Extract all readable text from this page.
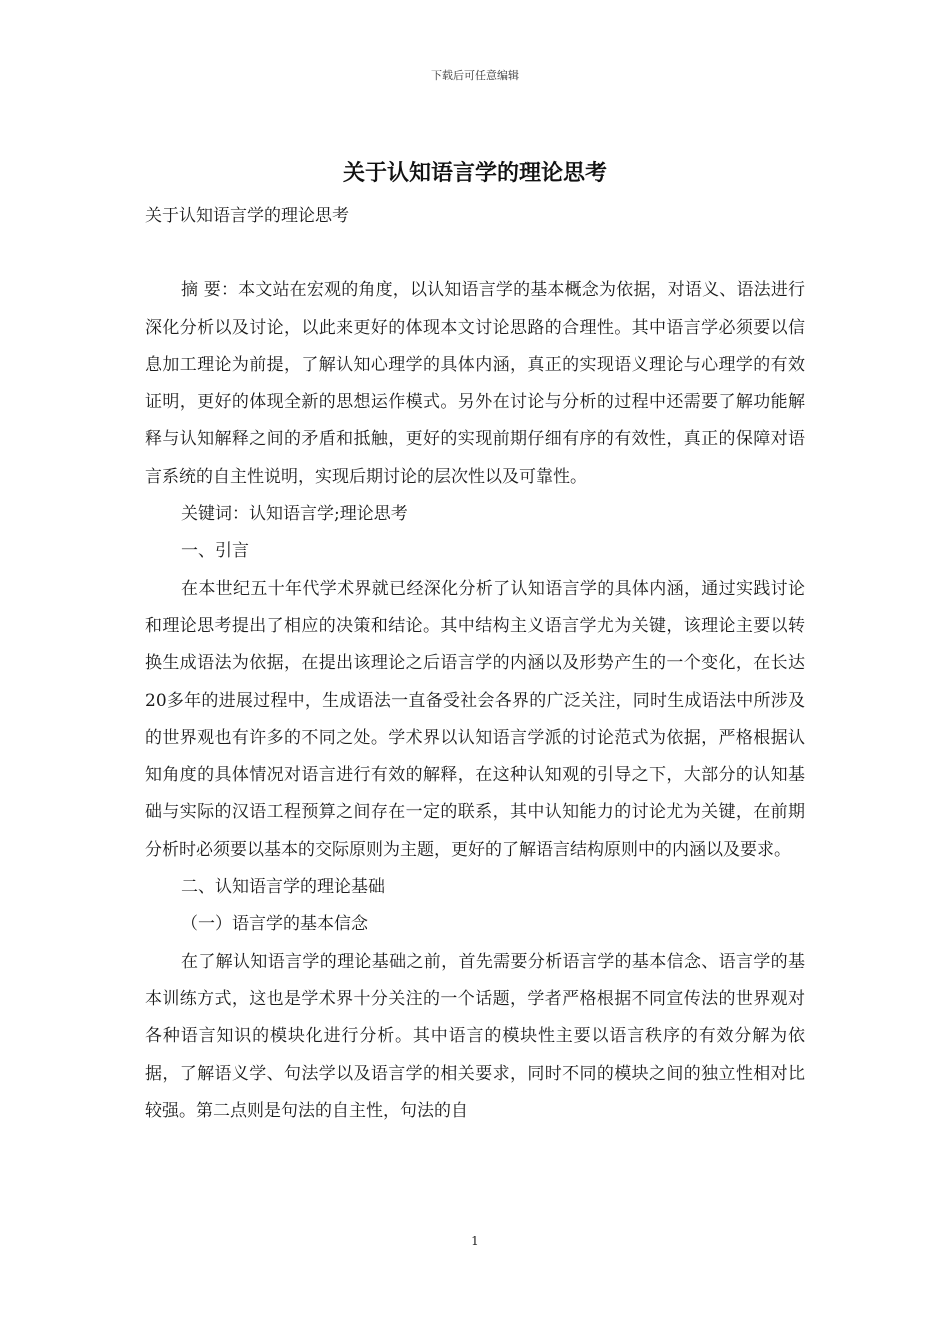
下载后可任意编辑
关于认知语言学的理论思考

关于认知语言学的理论思考

摘 要：本文站在宏观的角度，以认知语言学的基本概念为依据，对语义、语法进行深化分析以及讨论，以此来更好的体现本文讨论思路的合理性。其中语言学必须要以信息加工理论为前提，了解认知心理学的具体内涵，真正的实现语义理论与心理学的有效证明，更好的体现全新的思想运作模式。另外在讨论与分析的过程中还需要了解功能解释与认知解释之间的矛盾和抵触，更好的实现前期仔细有序的有效性，真正的保障对语言系统的自主性说明，实现后期讨论的层次性以及可靠性。

关键词：认知语言学;理论思考

一、引言

在本世纪五十年代学术界就已经深化分析了认知语言学的具体内涵，通过实践讨论和理论思考提出了相应的决策和结论。其中结构主义语言学尤为关键，该理论主要以转换生成语法为依据，在提出该理论之后语言学的内涵以及形势产生的一个变化，在长达20多年的进展过程中，生成语法一直备受社会各界的广泛关注，同时生成语法中所涉及的世界观也有许多的不同之处。学术界以认知语言学派的讨论范式为依据，严格根据认知角度的具体情况对语言进行有效的解释，在这种认知观的引导之下，大部分的认知基础与实际的汉语工程预算之间存在一定的联系，其中认知能力的讨论尤为关键，在前期分析时必须要以基本的交际原则为主题，更好的了解语言结构原则中的内涵以及要求。

二、认知语言学的理论基础

（一）语言学的基本信念

在了解认知语言学的理论基础之前，首先需要分析语言学的基本信念、语言学的基本训练方式，这也是学术界十分关注的一个话题，学者严格根据不同宣传法的世界观对各种语言知识的模块化进行分析。其中语言的模块性主要以语言秩序的有效分解为依据，了解语义学、句法学以及语言学的相关要求，同时不同的模块之间的独立性相对比较强。第二点则是句法的自主性，句法的自

1
